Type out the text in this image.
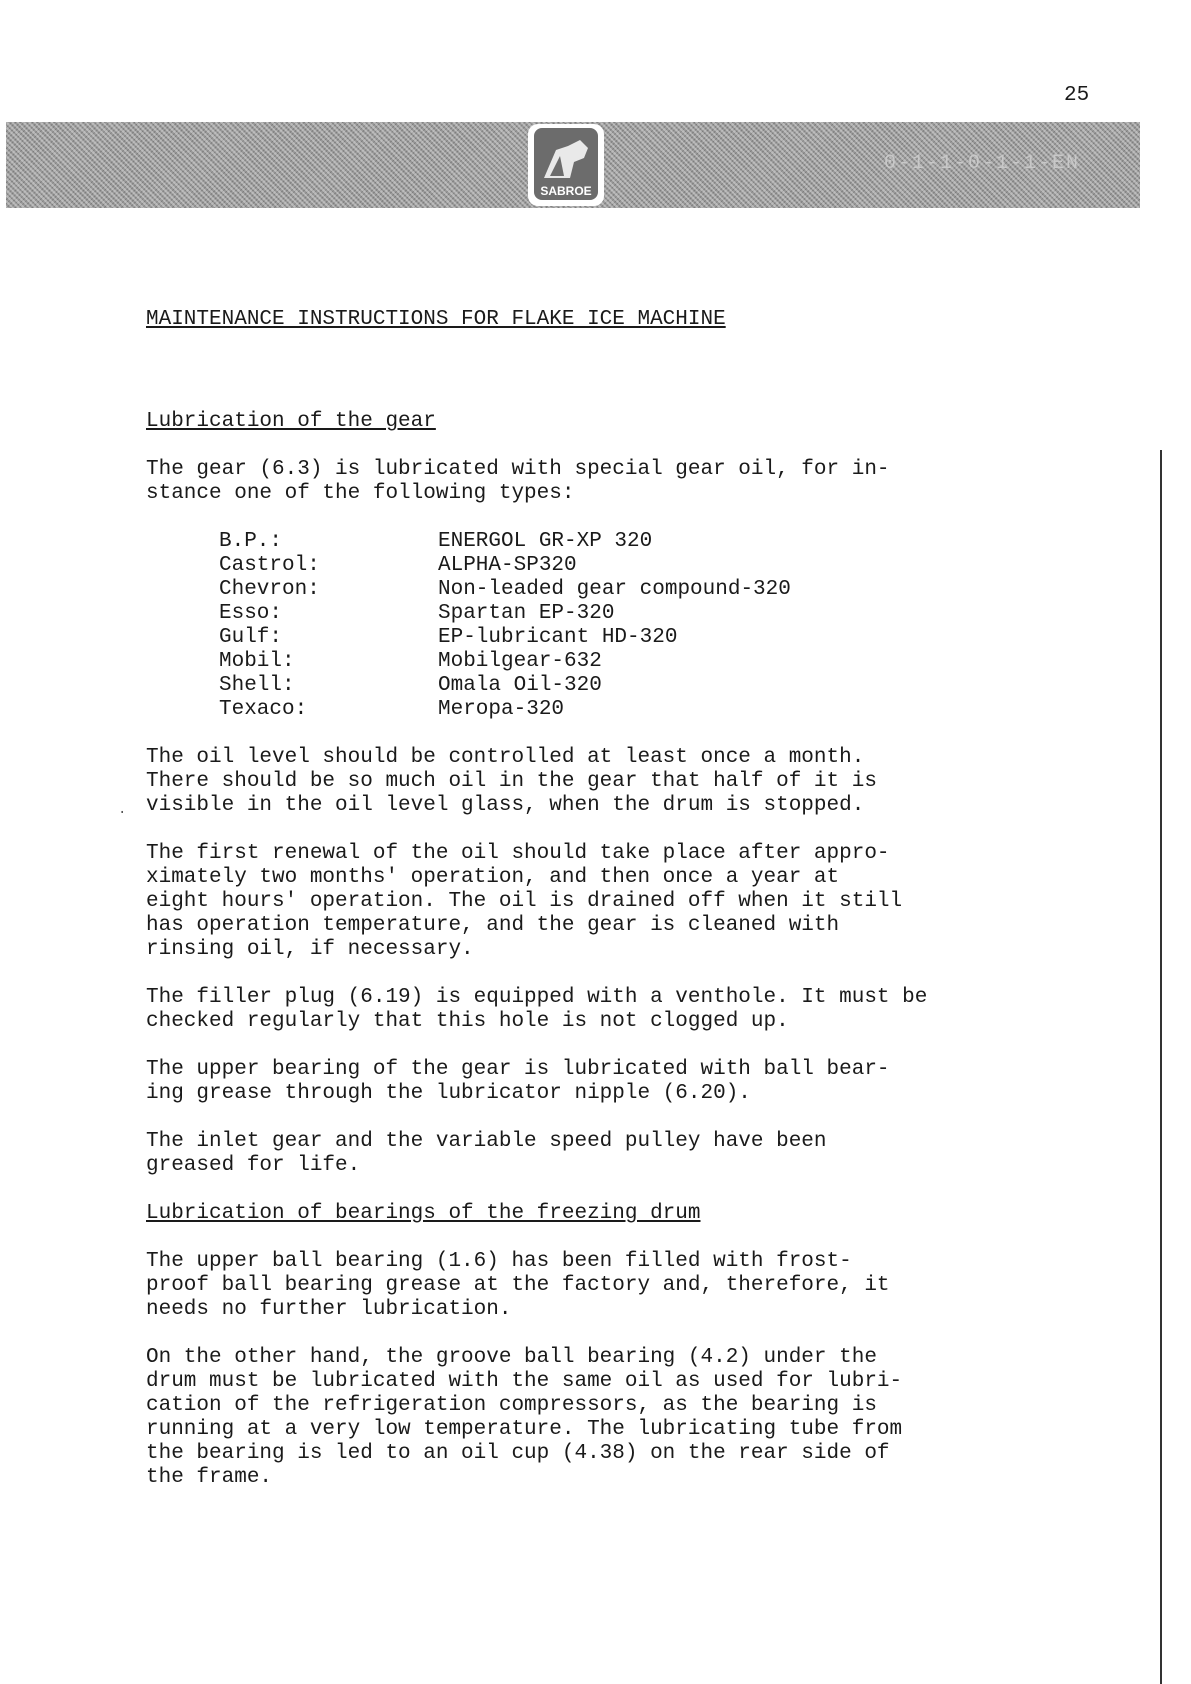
25
0-1-1-0-1-1-EN
SABROE
·
MAINTENANCE INSTRUCTIONS FOR FLAKE ICE MACHINE
Lubrication of the gear
The gear (6.3) is lubricated with special gear oil, for in-
stance one of the following types:
B.P.:	ENERGOL GR-XP 320
Castrol:	ALPHA-SP320
Chevron:	Non-leaded gear compound-320
Esso:	Spartan EP-320
Gulf:	EP-lubricant HD-320
Mobil:	Mobilgear-632
Shell:	Omala Oil-320
Texaco:	Meropa-320
The oil level should be controlled at least once a month.
There should be so much oil in the gear that half of it is
visible in the oil level glass, when the drum is stopped.
The first renewal of the oil should take place after appro-
ximately two months' operation, and then once a year at
eight hours' operation. The oil is drained off when it still
has operation temperature, and the gear is cleaned with
rinsing oil, if necessary.
The filler plug (6.19) is equipped with a venthole. It must be
checked regularly that this hole is not clogged up.
The upper bearing of the gear is lubricated with ball bear-
ing grease through the lubricator nipple (6.20).
The inlet gear and the variable speed pulley have been
greased for life.
Lubrication of bearings of the freezing drum
The upper ball bearing (1.6) has been filled with frost-
proof ball bearing grease at the factory and, therefore, it
needs no further lubrication.
On the other hand, the groove ball bearing (4.2) under the
drum must be lubricated with the same oil as used for lubri-
cation of the refrigeration compressors, as the bearing is
running at a very low temperature. The lubricating tube from
the bearing is led to an oil cup (4.38) on the rear side of
the frame.
